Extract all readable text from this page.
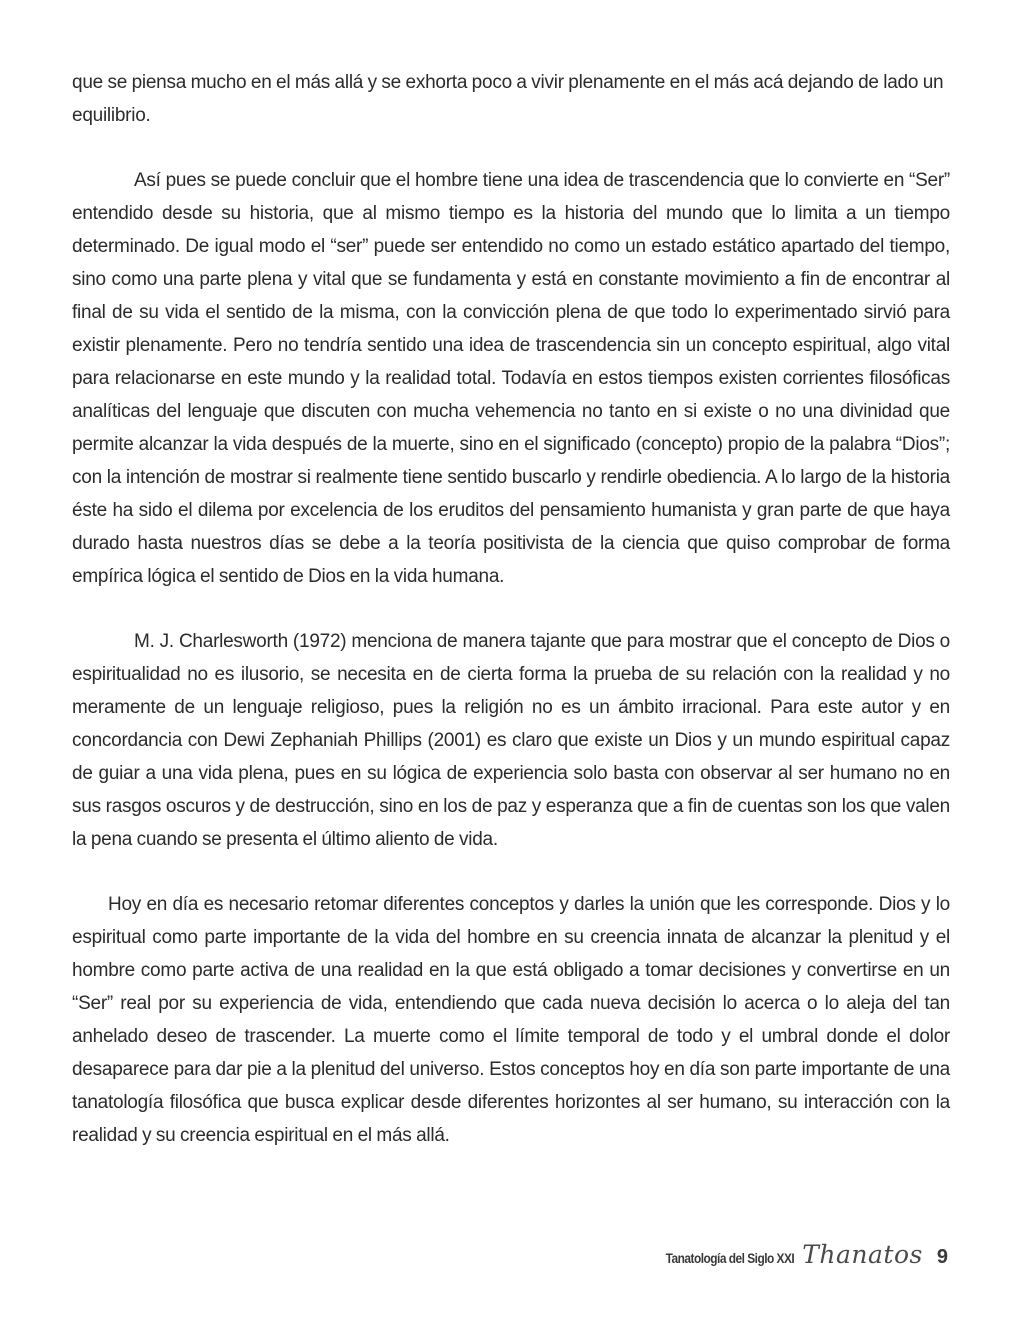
que se piensa mucho en el más allá y se exhorta poco a vivir plenamente en el más acá dejando de lado un equilibrio.

Así pues se puede concluir que el hombre tiene una idea de trascendencia que lo convierte en “Ser” entendido desde su historia, que al mismo tiempo es la historia del mundo que lo limita a un tiempo determinado. De igual modo el “ser” puede ser entendido no como un estado estático apartado del tiempo, sino como una parte plena y vital que se fundamenta y está en constante movimiento a fin de encontrar al final de su vida el sentido de la misma, con la convicción plena de que todo lo experimentado sirvió para existir plenamente. Pero no tendría sentido una idea de trascendencia sin un concepto espiritual, algo vital para relacionarse en este mundo y la realidad total. Todavía en estos tiempos existen corrientes filosóficas analíticas del lenguaje que discuten con mucha vehemencia no tanto en si existe o no una divinidad que permite alcanzar la vida después de la muerte, sino en el significado (concepto) propio de la palabra “Dios”; con la intención de mostrar si realmente tiene sentido buscarlo y rendirle obediencia. A lo largo de la historia éste ha sido el dilema por excelencia de los eruditos del pensamiento humanista y gran parte de que haya durado hasta nuestros días se debe a la teoría positivista de la ciencia que quiso comprobar de forma empírica lógica el sentido de Dios en la vida humana.

M. J. Charlesworth (1972) menciona de manera tajante que para mostrar que el concepto de Dios o espiritualidad no es ilusorio, se necesita en de cierta forma la prueba de su relación con la realidad y no meramente de un lenguaje religioso, pues la religión no es un ámbito irracional. Para este autor y en concordancia con Dewi Zephaniah Phillips (2001) es claro que existe un Dios y un mundo espiritual capaz de guiar a una vida plena, pues en su lógica de experiencia solo basta con observar al ser humano no en sus rasgos oscuros y de destrucción, sino en los de paz y esperanza que a fin de cuentas son los que valen la pena cuando se presenta el último aliento de vida.

Hoy en día es necesario retomar diferentes conceptos y darles la unión que les corresponde. Dios y lo espiritual como parte importante de la vida del hombre en su creencia innata de alcanzar la plenitud y el hombre como parte activa de una realidad en la que está obligado a tomar decisiones y convertirse en un “Ser” real por su experiencia de vida, entendiendo que cada nueva decisión lo acerca o lo aleja del tan anhelado deseo de trascender. La muerte como el límite temporal de todo y el umbral donde el dolor desaparece para dar pie a la plenitud del universo. Estos conceptos hoy en día son parte importante de una tanatología filosófica que busca explicar desde diferentes horizontes al ser humano, su interacción con la realidad y su creencia espiritual en el más allá.

Tanatología del Siglo XXI Thanatos 9
